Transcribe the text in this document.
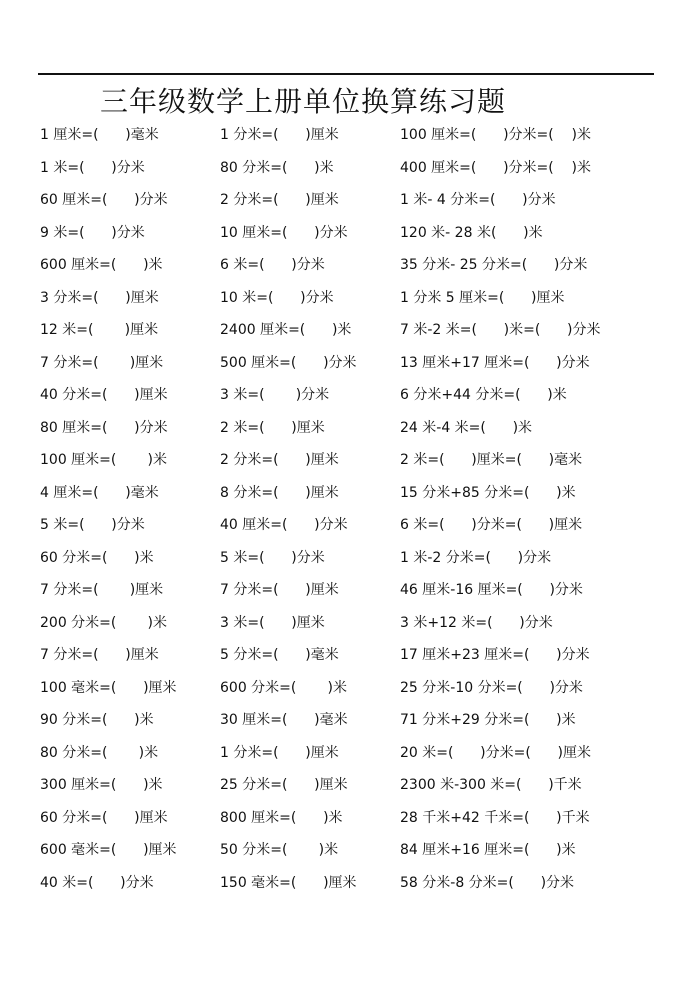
三年级数学上册单位换算练习题
1 厘米=(      )毫米	1 分米=(      )厘米	100 厘米=(      )分米=(    )米
1 米=(      )分米	80 分米=(      )米	400 厘米=(      )分米=(    )米
60 厘米=(      )分米	2 分米=(      )厘米	1 米- 4 分米=(      )分米
9 米=(      )分米	10 厘米=(      )分米	120 米- 28 米(      )米
600 厘米=(      )米	6 米=(      )分米	35 分米- 25 分米=(      )分米
3 分米=(      )厘米	10 米=(      )分米	1 分米 5 厘米=(      )厘米
12 米=(       )厘米	2400 厘米=(      )米	7 米-2 米=(      )米=(      )分米
7 分米=(       )厘米	500 厘米=(      )分米	13 厘米+17 厘米=(      )分米
40 分米=(      )厘米	3 米=(       )分米	6 分米+44 分米=(      )米
80 厘米=(      )分米	2 米=(      )厘米	24 米-4 米=(      )米
100 厘米=(       )米	2 分米=(      )厘米	2 米=(      )厘米=(      )毫米
4 厘米=(      )毫米	8 分米=(      )厘米	15 分米+85 分米=(      )米
5 米=(      )分米	40 厘米=(      )分米	6 米=(      )分米=(      )厘米
60 分米=(      )米	5 米=(      )分米	1 米-2 分米=(      )分米
7 分米=(       )厘米	7 分米=(      )厘米	46 厘米-16 厘米=(      )分米
200 分米=(       )米	3 米=(      )厘米	3 米+12 米=(      )分米
7 分米=(      )厘米	5 分米=(      )毫米	17 厘米+23 厘米=(      )分米
100 毫米=(      )厘米	600 分米=(       )米	25 分米-10 分米=(      )分米
90 分米=(      )米	30 厘米=(      )毫米	71 分米+29 分米=(      )米
80 分米=(       )米	1 分米=(      )厘米	20 米=(      )分米=(      )厘米
300 厘米=(      )米	25 分米=(      )厘米	2300 米-300 米=(      )千米
60 分米=(      )厘米	800 厘米=(      )米	28 千米+42 千米=(      )千米
600 毫米=(      )厘米	50 分米=(       )米	84 厘米+16 厘米=(      )米
40 米=(      )分米	150 毫米=(      )厘米	58 分米-8 分米=(      )分米
